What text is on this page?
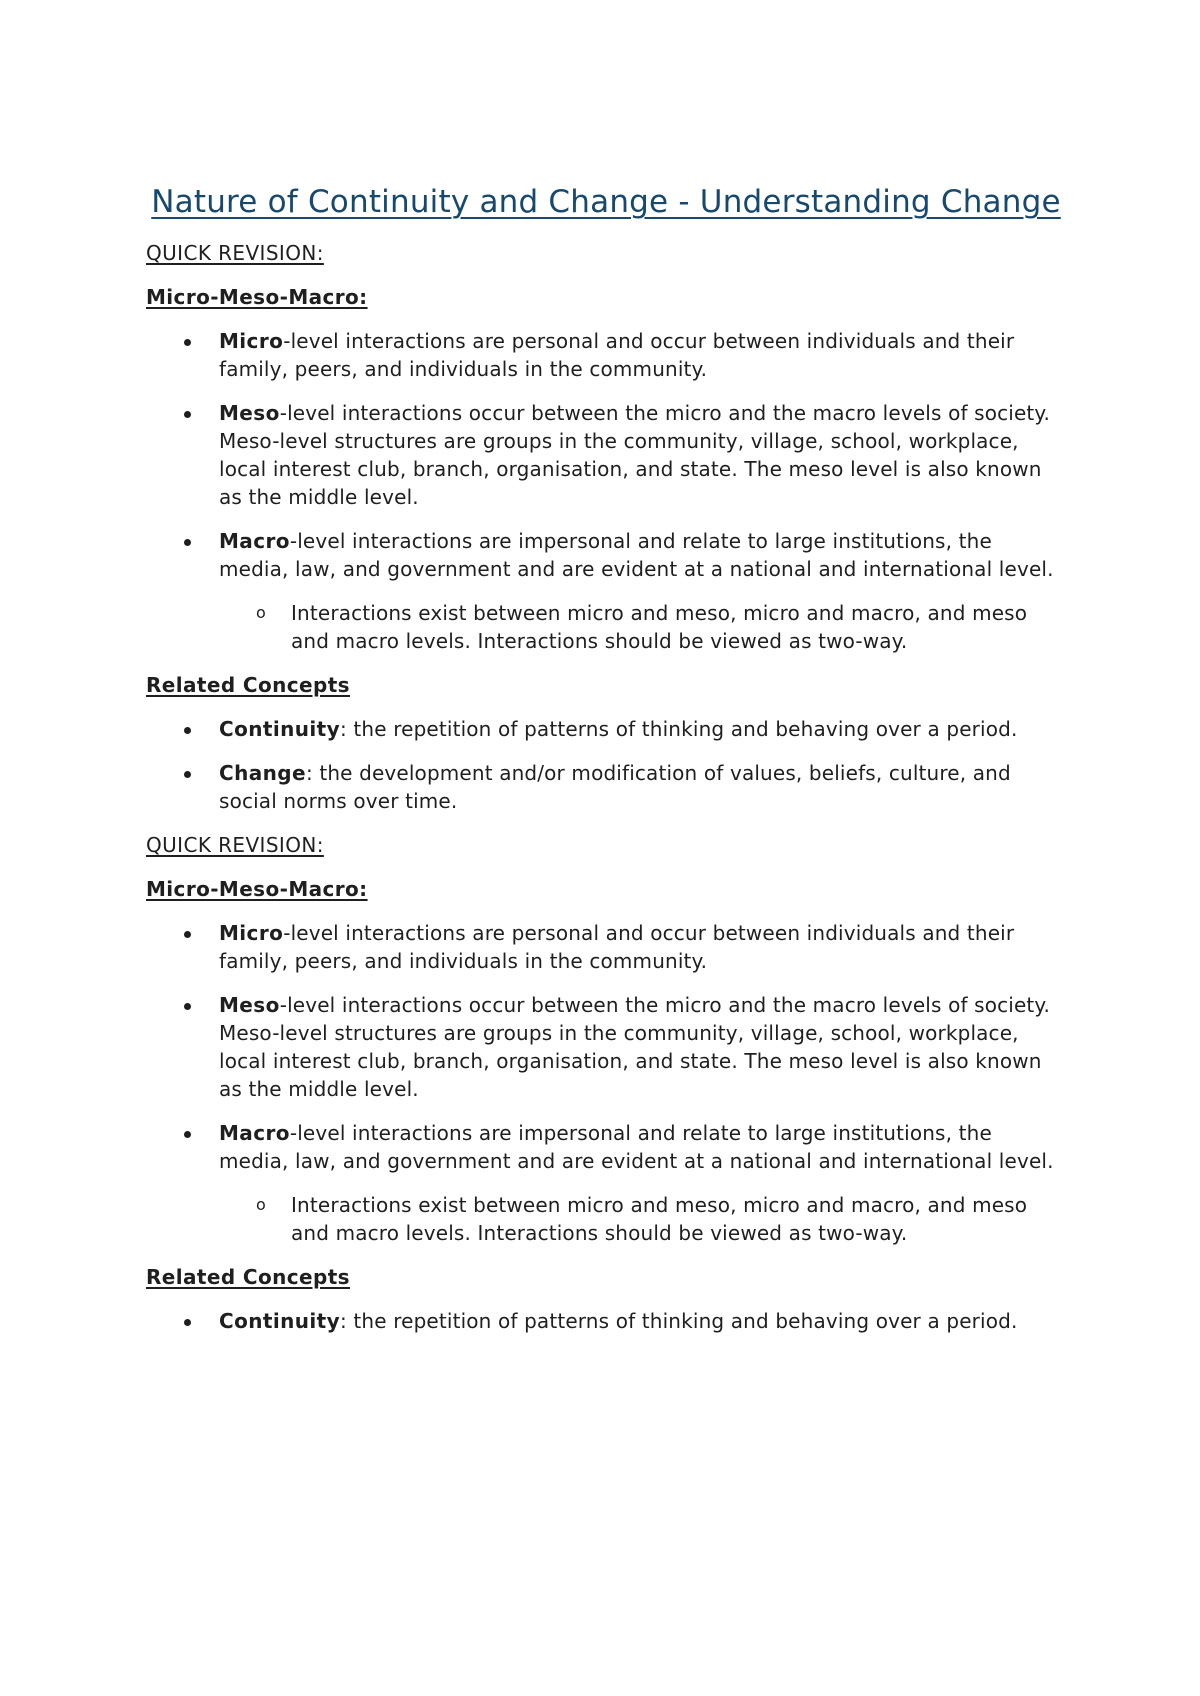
Nature of Continuity and Change - Understanding Change
QUICK REVISION:
Micro-Meso-Macro:
Micro-level interactions are personal and occur between individuals and their family, peers, and individuals in the community.
Meso-level interactions occur between the micro and the macro levels of society. Meso-level structures are groups in the community, village, school, workplace, local interest club, branch, organisation, and state. The meso level is also known as the middle level.
Macro-level interactions are impersonal and relate to large institutions, the media, law, and government and are evident at a national and international level.
o Interactions exist between micro and meso, micro and macro, and meso and macro levels. Interactions should be viewed as two-way.
Related Concepts
Continuity: the repetition of patterns of thinking and behaving over a period.
Change: the development and/or modification of values, beliefs, culture, and social norms over time.
QUICK REVISION:
Micro-Meso-Macro:
Micro-level interactions are personal and occur between individuals and their family, peers, and individuals in the community.
Meso-level interactions occur between the micro and the macro levels of society. Meso-level structures are groups in the community, village, school, workplace, local interest club, branch, organisation, and state. The meso level is also known as the middle level.
Macro-level interactions are impersonal and relate to large institutions, the media, law, and government and are evident at a national and international level.
o Interactions exist between micro and meso, micro and macro, and meso and macro levels. Interactions should be viewed as two-way.
Related Concepts
Continuity: the repetition of patterns of thinking and behaving over a period.
